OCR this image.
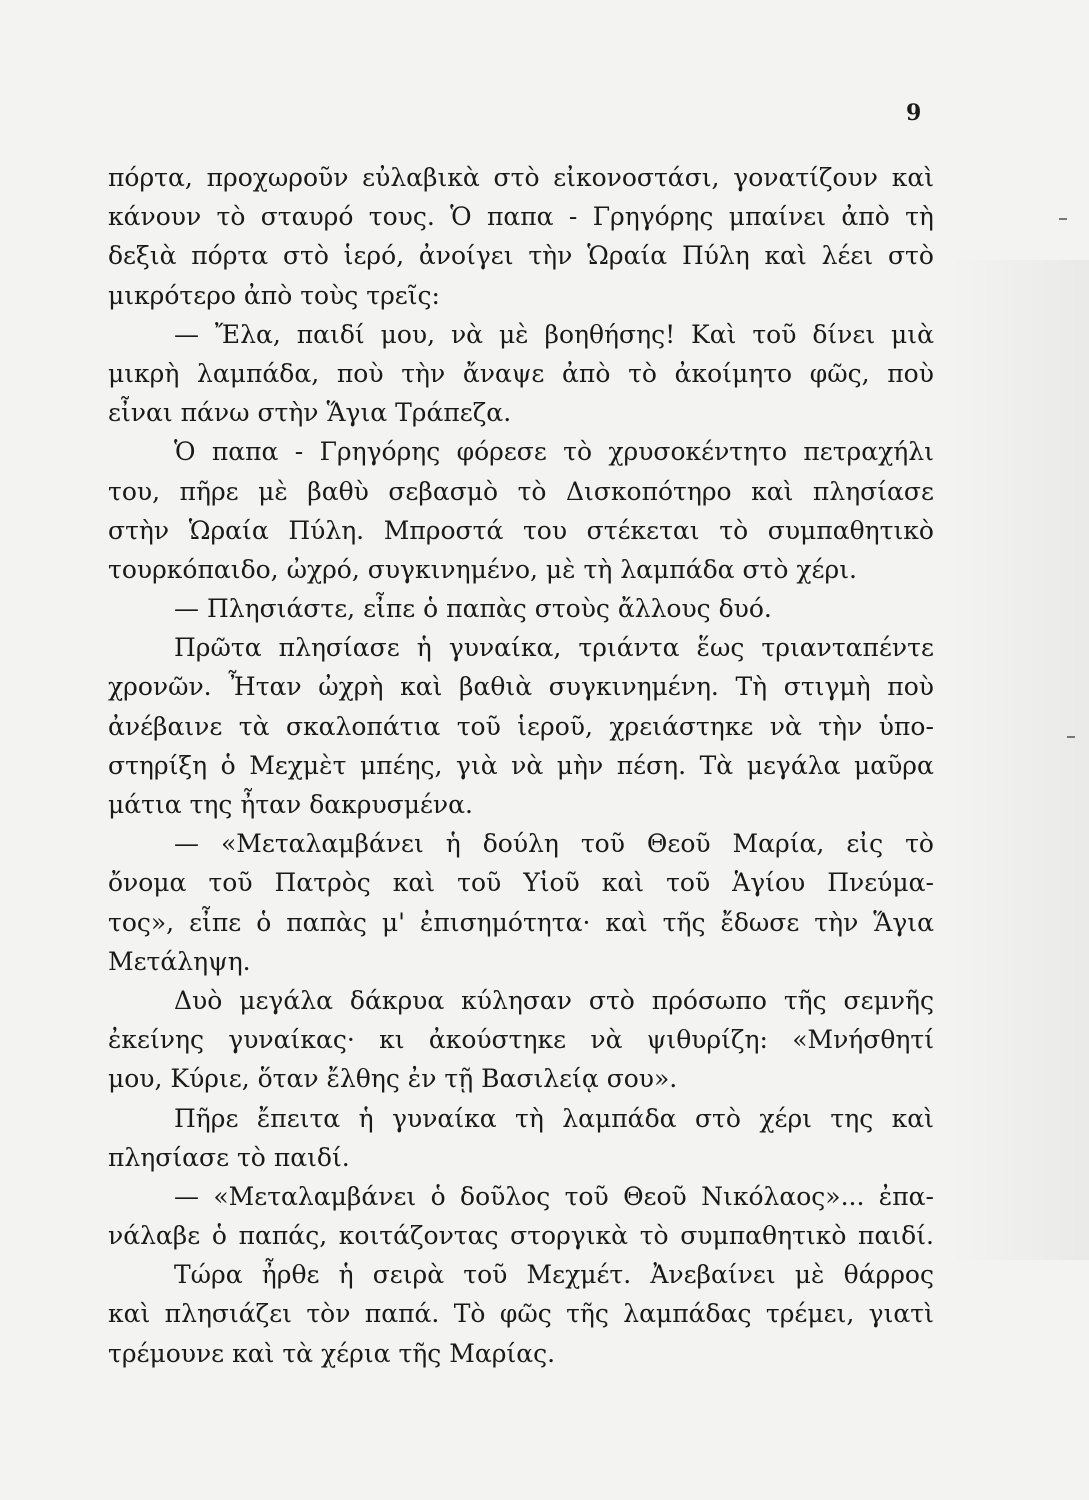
9
πόρτα, προχωροῦν εὐλαβικὰ στὸ εἰκονοστάσι, γονατίζουν καὶ
κάνουν τὸ σταυρό τους. Ὁ παπα - Γρηγόρης μπαίνει ἀπὸ τὴ
δεξιὰ πόρτα στὸ ἱερό, ἀνοίγει τὴν Ὡραία Πύλη καὶ λέει στὸ
μικρότερο ἀπὸ τοὺς τρεῖς:
— Ἔλα, παιδί μου, νὰ μὲ βοηθήσης! Καὶ τοῦ δίνει μιὰ
μικρὴ λαμπάδα, ποὺ τὴν ἄναψε ἀπὸ τὸ ἀκοίμητο φῶς, ποὺ
εἶναι πάνω στὴν Ἅγια Τράπεζα.
Ὁ παπα - Γρηγόρης φόρεσε τὸ χρυσοκέντητο πετραχήλι
του, πῆρε μὲ βαθὺ σεβασμὸ τὸ Δισκοπότηρο καὶ πλησίασε
στὴν Ὡραία Πύλη. Μπροστά του στέκεται τὸ συμπαθητικὸ
τουρκόπαιδο, ὠχρό, συγκινημένο, μὲ τὴ λαμπάδα στὸ χέρι.
— Πλησιάστε, εἶπε ὁ παπὰς στοὺς ἄλλους δυό.
Πρῶτα πλησίασε ἡ γυναίκα, τριάντα ἕως τριανταπέντε
χρονῶν. Ἦταν ὠχρὴ καὶ βαθιὰ συγκινημένη. Τὴ στιγμὴ ποὺ
ἀνέβαινε τὰ σκαλοπάτια τοῦ ἱεροῦ, χρειάστηκε νὰ τὴν ὑπο-
στηρίξη ὁ Μεχμὲτ μπέης, γιὰ νὰ μὴν πέση. Τὰ μεγάλα μαῦρα
μάτια της ἦταν δακρυσμένα.
— «Μεταλαμβάνει ἡ δούλη τοῦ Θεοῦ Μαρία, εἰς τὸ
ὄνομα τοῦ Πατρὸς καὶ τοῦ Υἱοῦ καὶ τοῦ Ἁγίου Πνεύμα-
τος», εἶπε ὁ παπὰς μ' ἐπισημότητα· καὶ τῆς ἔδωσε τὴν Ἅγια
Μετάληψη.
Δυὸ μεγάλα δάκρυα κύλησαν στὸ πρόσωπο τῆς σεμνῆς
ἐκείνης γυναίκας· κι ἀκούστηκε νὰ ψιθυρίζη: «Μνήσθητί
μου, Κύριε, ὅταν ἔλθης ἐν τῇ Βασιλείᾳ σου».
Πῆρε ἔπειτα ἡ γυναίκα τὴ λαμπάδα στὸ χέρι της καὶ
πλησίασε τὸ παιδί.
— «Μεταλαμβάνει ὁ δοῦλος τοῦ Θεοῦ Νικόλαος»... ἐπα-
νάλαβε ὁ παπάς, κοιτάζοντας στοργικὰ τὸ συμπαθητικὸ παιδί.
Τώρα ἦρθε ἡ σειρὰ τοῦ Μεχμέτ. Ἀνεβαίνει μὲ θάρρος
καὶ πλησιάζει τὸν παπά. Τὸ φῶς τῆς λαμπάδας τρέμει, γιατὶ
τρέμουνε καὶ τὰ χέρια τῆς Μαρίας.
